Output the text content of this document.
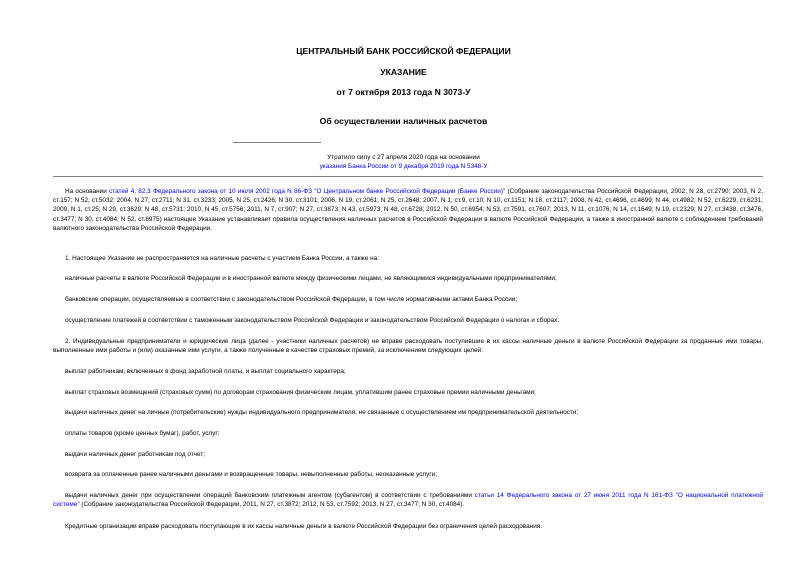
ЦЕНТРАЛЬНЫЙ БАНК РОССИЙСКОЙ ФЕДЕРАЦИИ
УКАЗАНИЕ
от 7 октября 2013 года N 3073-У
Об осуществлении наличных расчетов
Утратило силу с 27 апреля 2020 года на основании
указания Банка России от 9 декабря 2019 года N 5348-У
На основании статей 4, 82.3 Федерального закона от 10 июля 2002 года N 86-ФЗ "О Центральном банке Российской Федерации (Банке России)" (Собрание законодательства Российской Федерации, 2002, N 28, ст.2790; 2003, N 2, ст.157; N 52, ст.5032; 2004, N 27, ст.2711; N 31, ст.3233; 2005, N 25, ст.2426; N 30, ст.3101; 2006, N 19, ст.2061; N 25, ст.2648; 2007, N 1, ст.9, ст.10; N 10, ст.1151; N 18, ст.2117; 2008, N 42, ст.4696, ст.4699; N 44, ст.4982; N 52, ст.6229, ст.6231; 2009, N 1, ст.25; N 29, ст.3629; N 48, ст.5731; 2010, N 45, ст.5756; 2011, N 7, ст.907; N 27, ст.3873; N 43, ст.5973; N 48, ст.6728; 2012, N 50, ст.6954; N 53, ст.7591, ст.7607; 2013, N 11, ст.1076; N 14, ст.1649; N 19, ст.2329; N 27, ст.3438, ст.3476, ст.3477; N 30, ст.4084; N 52, ст.6975) настоящее Указание устанавливает правила осуществления наличных расчетов в Российской Федерации в валюте Российской Федерации, а также в иностранной валюте с соблюдением требований валютного законодательства Российской Федерации.
1. Настоящее Указание не распространяется на наличные расчеты с участием Банка России, а также на:
наличные расчеты в валюте Российской Федерации и в иностранной валюте между физическими лицами, не являющимися индивидуальными предпринимателями;
банковские операции, осуществляемые в соответствии с законодательством Российской Федерации, в том числе нормативными актами Банка России;
осуществление платежей в соответствии с таможенным законодательством Российской Федерации и законодательством Российской Федерации о налогах и сборах.
2. Индивидуальные предприниматели и юридические лица (далее - участники наличных расчетов) не вправе расходовать поступившие в их кассы наличные деньги в валюте Российской Федерации за проданные ими товары, выполненные ими работы и (или) оказанные ими услуги, а также полученные в качестве страховых премий, за исключением следующих целей:
выплат работникам, включенных в фонд заработной платы, и выплат социального характера;
выплат страховых возмещений (страховых сумм) по договорам страхования физическим лицам, уплатившим ранее страховые премии наличными деньгами;
выдачи наличных денег на личные (потребительские) нужды индивидуального предпринимателя, не связанные с осуществлением им предпринимательской деятельности;
оплаты товаров (кроме ценных бумаг), работ, услуг;
выдачи наличных денег работникам под отчет;
возврата за оплаченные ранее наличными деньгами и возвращенные товары, невыполненные работы, неоказанные услуги;
выдачи наличных денег при осуществлении операций банковским платежным агентом (субагентом) в соответствии с требованиями статьи 14 Федерального закона от 27 июня 2011 года N 161-ФЗ "О национальной платежной системе" (Собрание законодательства Российской Федерации, 2011, N 27, ст.3872; 2012, N 53, ст.7592; 2013, N 27, ст.3477; N 30, ст.4084).
Кредитные организации вправе расходовать поступающие в их кассы наличные деньги в валюте Российской Федерации без ограничения целей расходования.
